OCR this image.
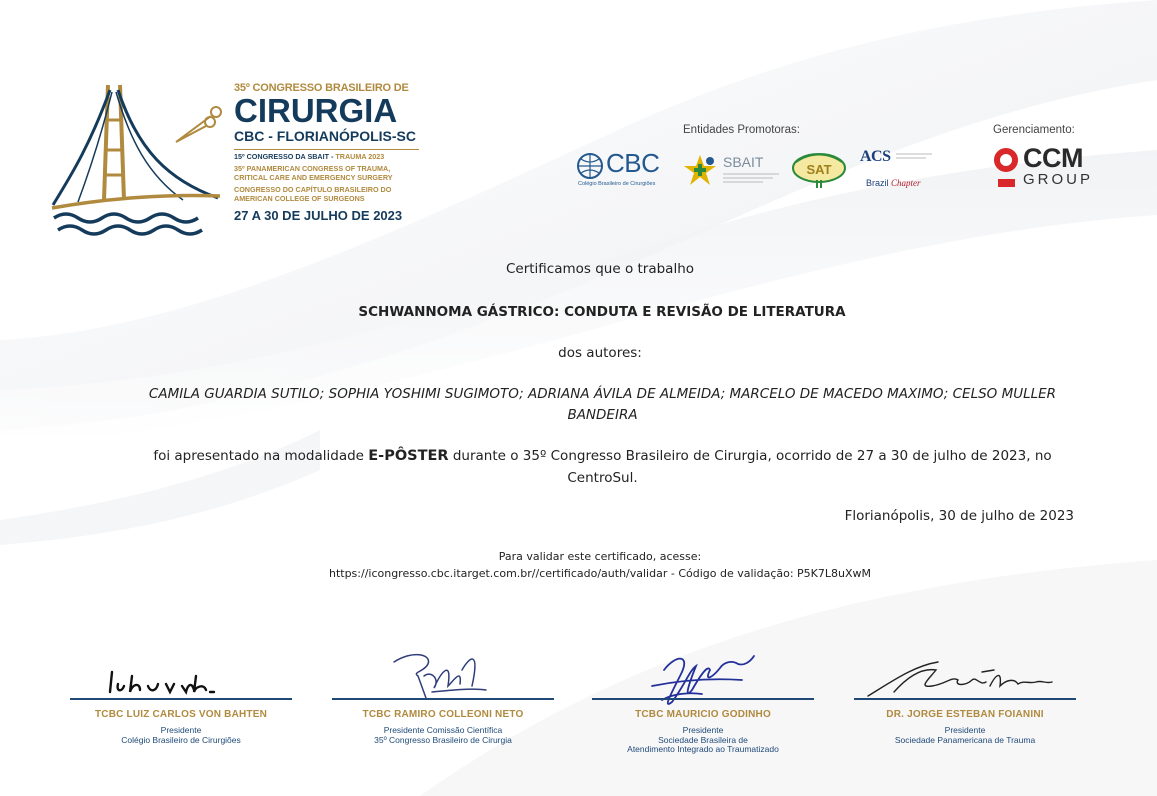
35º CONGRESSO BRASILEIRO DE
CIRURGIA
CBC - FLORIANÓPOLIS-SC
15º CONGRESSO DA SBAIT - TRAUMA 2023
35º PANAMERICAN CONGRESS OF TRAUMA, CRITICAL CARE AND EMERGENCY SURGERY
CONGRESSO DO CAPÍTULO BRASILEIRO DO AMERICAN COLLEGE OF SURGEONS
27 A 30 DE JULHO DE 2023
Entidades Promotoras:	Gerenciamento:
CBC
Colégio Brasileiro de Cirurgiões
SBAIT	SAT
ACS
Brazil Chapter
CCM
GROUP
Certificamos que o trabalho
SCHWANNOMA GÁSTRICO: CONDUTA E REVISÃO DE LITERATURA
dos autores:
CAMILA GUARDIA SUTILO; SOPHIA YOSHIMI SUGIMOTO; ADRIANA ÁVILA DE ALMEIDA; MARCELO DE MACEDO MAXIMO; CELSO MULLER BANDEIRA
foi apresentado na modalidade E-PÔSTER durante o 35º Congresso Brasileiro de Cirurgia, ocorrido de 27 a 30 de julho de 2023, no CentroSul.
Florianópolis, 30 de julho de 2023
Para validar este certificado, acesse:
https://icongresso.cbc.itarget.com.br//certificado/auth/validar - Código de validação: P5K7L8uXwM
TCBC LUIZ CARLOS VON BAHTEN
Presidente
Colégio Brasileiro de Cirurgiões
TCBC RAMIRO COLLEONI NETO
Presidente Comissão Científica
35º Congresso Brasileiro de Cirurgia
TCBC MAURICIO GODINHO
Presidente
Sociedade Brasileira de
Atendimento Integrado ao Traumatizado
DR. JORGE ESTEBAN FOIANINI
Presidente
Sociedade Panamericana de Trauma
